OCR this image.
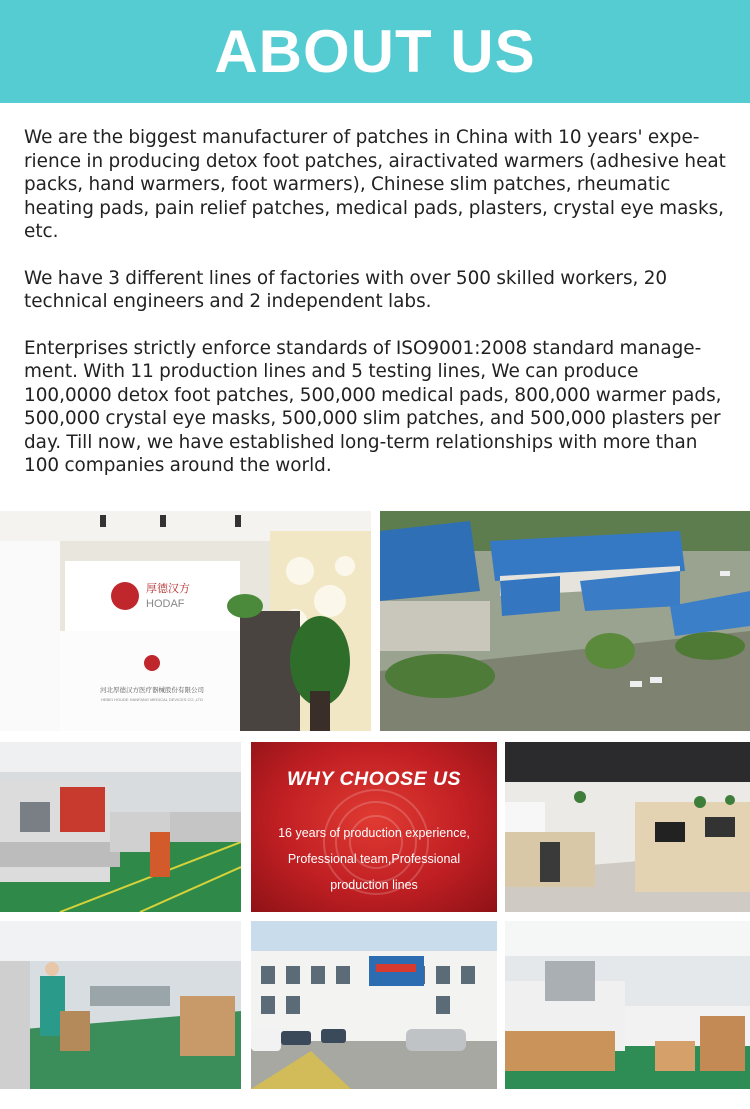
ABOUT US

We are the biggest manufacturer of patches in China with 10 years' expe- rience in producing detox foot patches, airactivated warmers (adhesive heat packs, hand warmers, foot warmers), Chinese slim patches, rheumatic heating pads, pain relief patches, medical pads, plasters, crystal eye masks, etc.

We have 3 different lines of factories with over 500 skilled workers, 20 technical engineers and 2 independent labs.

Enterprises strictly enforce standards of ISO9001:2008 standard manage- ment. With 11 production lines and 5 testing lines, We can produce 100,0000 detox foot patches, 500,000 medical pads, 800,000 warmer pads, 500,000 crystal eye masks, 500,000 slim patches, and 500,000 plasters per day. Till now, we have established long-term relationships with more than 100 companies around the world.

厚德汉方
HODAF
河北厚德汉方医疗器械股份有限公司
HEBEI HOUDE HANFANG MEDICAL DEVICES CO.,LTD
WHY CHOOSE US
16 years of production experience,
Professional team,Professional
production lines
